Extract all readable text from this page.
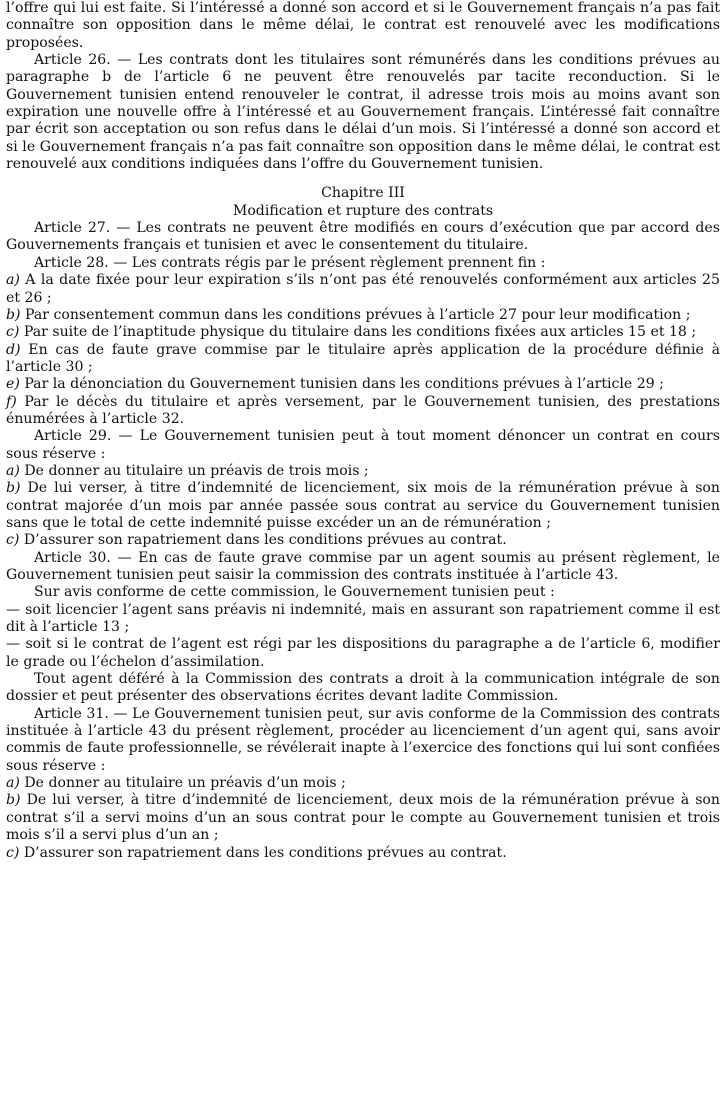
l’offre qui lui est faite. Si l’intéressé a donné son accord et si le Gouvernement français n’a pas fait connaître son opposition dans le même délai, le contrat est renouvelé avec les modifications proposées.

Article 26. — Les contrats dont les titulaires sont rémunérés dans les conditions prévues au paragraphe b de l’article 6 ne peuvent être renouvelés par tacite reconduction. Si le Gouvernement tunisien entend renouveler le contrat, il adresse trois mois au moins avant son expiration une nouvelle offre à l’intéressé et au Gouvernement français. L’intéressé fait connaître par écrit son acceptation ou son refus dans le délai d’un mois. Si l’intéressé a donné son accord et si le Gouvernement français n’a pas fait connaître son opposition dans le même délai, le contrat est renouvelé aux conditions indiquées dans l’offre du Gouvernement tunisien.

Chapitre III

Modification et rupture des contrats

Article 27. — Les contrats ne peuvent être modifiés en cours d’exécution que par accord des Gouvernements français et tunisien et avec le consentement du titulaire.

Article 28. — Les contrats régis par le présent règlement prennent fin :

a) A la date fixée pour leur expiration s’ils n’ont pas été renouvelés conformément aux articles 25 et 26 ;

b) Par consentement commun dans les conditions prévues à l’article 27 pour leur modification ;

c) Par suite de l’inaptitude physique du titulaire dans les conditions fixées aux articles 15 et 18 ;

d) En cas de faute grave commise par le titulaire après application de la procédure définie à l’article 30 ;

e) Par la dénonciation du Gouvernement tunisien dans les conditions prévues à l’article 29 ;

f) Par le décès du titulaire et après versement, par le Gouvernement tunisien, des prestations énumérées à l’article 32.

Article 29. — Le Gouvernement tunisien peut à tout moment dénoncer un contrat en cours sous réserve :

a) De donner au titulaire un préavis de trois mois ;

b) De lui verser, à titre d’indemnité de licenciement, six mois de la rémunération prévue à son contrat majorée d’un mois par année passée sous contrat au service du Gouvernement tunisien sans que le total de cette indemnité puisse excéder un an de rémunération ;

c) D’assurer son rapatriement dans les conditions prévues au contrat.

Article 30. — En cas de faute grave commise par un agent soumis au présent règlement, le Gouvernement tunisien peut saisir la commission des contrats instituée à l’article 43.

Sur avis conforme de cette commission, le Gouvernement tunisien peut :

— soit licencier l’agent sans préavis ni indemnité, mais en assurant son rapatriement comme il est dit à l’article 13 ;

— soit si le contrat de l’agent est régi par les dispositions du paragraphe a de l’article 6, modifier le grade ou l’échelon d’assimilation.

Tout agent déféré à la Commission des contrats a droit à la communication intégrale de son dossier et peut présenter des observations écrites devant ladite Commission.

Article 31. — Le Gouvernement tunisien peut, sur avis conforme de la Commission des contrats instituée à l’article 43 du présent règlement, procéder au licenciement d’un agent qui, sans avoir commis de faute professionnelle, se révélerait inapte à l’exercice des fonctions qui lui sont confiées sous réserve :

a) De donner au titulaire un préavis d’un mois ;

b) De lui verser, à titre d’indemnité de licenciement, deux mois de la rémunération prévue à son contrat s’il a servi moins d’un an sous contrat pour le compte au Gouvernement tunisien et trois mois s’il a servi plus d’un an ;

c) D’assurer son rapatriement dans les conditions prévues au contrat.
